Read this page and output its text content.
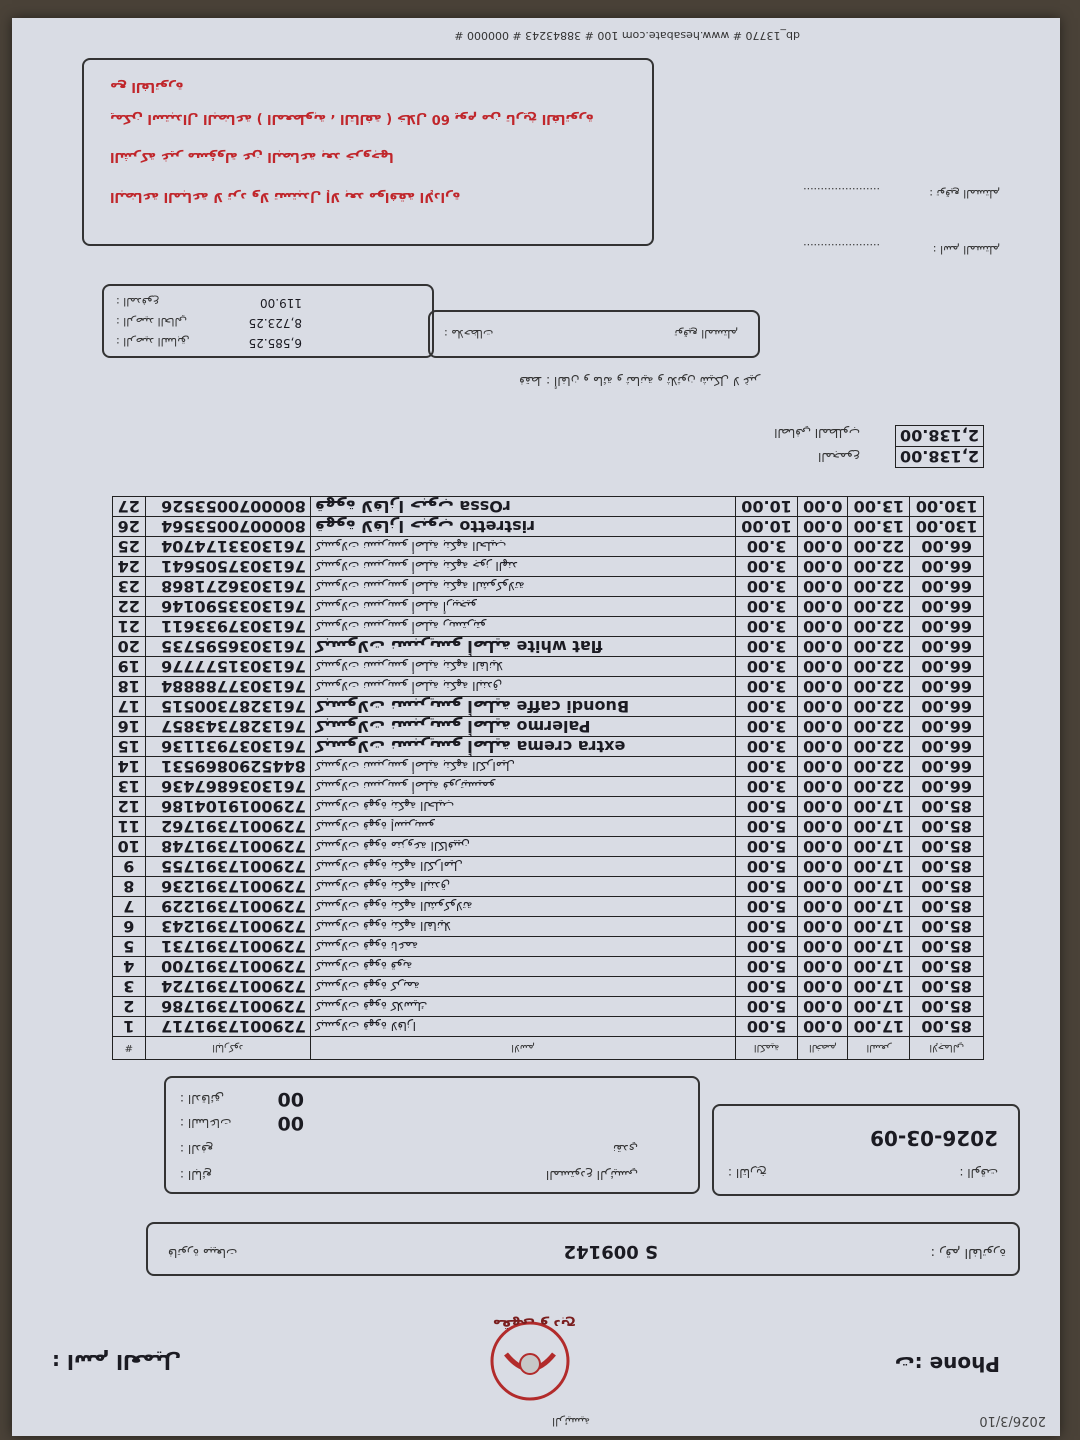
2026/3/10
الرئيسية
مقهى و دبح
اسم العميل :	Phone :ت
فاتورة مبيعات	S 009142	رقم الفاتورة :
التاريخ :	الوقت :
2026-03-09
البائع :	المستودع الرئيسي
الدفع :	نقدي
الساعات :	00
الدقائق :	00
الإجمالي	السعر	الخصم	الكمية	الاسم	الباركود	#
85.00	17.00	0.00	5.00	كبسولات قهوة لافازا	7290017391717	1
85.00	17.00	0.00	5.00	كبسولات قهوة كلاسيك	7290017391786	2
85.00	17.00	0.00	5.00	كبسولات قهوة كريمة	7290017391724	3
85.00	17.00	0.00	5.00	كبسولات قهوة قوية	7290017391700	4
85.00	17.00	0.00	5.00	كبسولات قهوة ناعمة	7290017391731	5
85.00	17.00	0.00	5.00	كبسولات قهوة بنكهة الفانيلا	7290017391243	6
85.00	17.00	0.00	5.00	كبسولات قهوة بنكهة الشوكولاتة	7290017391229	7
85.00	17.00	0.00	5.00	كبسولات قهوة بنكهة البندق	7290017391236	8
85.00	17.00	0.00	5.00	كبسولات قهوة بنكهة الكراميل	7290017391755	9
85.00	17.00	0.00	5.00	كبسولات قهوة منزوعة الكافيين	7290017391748	10
85.00	17.00	0.00	5.00	كبسولات قهوة إسبريسو	7290017391762	11
85.00	17.00	0.00	5.00	كبسولات قهوة بنكهة الحليب	7290019104186	12
66.00	22.00	0.00	3.00	كبسولات نسبريسو أصلية فورتيسيمو	7613036867436	13
66.00	22.00	0.00	3.00	كبسولات نسبريسو أصلية بنكهة الكراميل	8445290869531	14
66.00	22.00	0.00	3.00	extra crema كبسولات نسبريسو أصلية	7613037931136	15
66.00	22.00	0.00	3.00	Palermo كبسولات نسبريسو أصلية	7613287343857	16
66.00	22.00	0.00	3.00	Buondi caffe كبسولات نسبريسو أصلية	7613287300515	17
66.00	22.00	0.00	3.00	كبسولات نسبريسو أصلية بنكهة البندق	7613037788884	18
66.00	22.00	0.00	3.00	كبسولات نسبريسو أصلية بنكهة الفانيلا	7613031577776	19
66.00	22.00	0.00	3.00	flat white كبسولات نسبريسو أصلية	7613036595735	20
66.00	22.00	0.00	3.00	كبسولات نسبريسو أصلية ريستريتو	7613037933611	21
66.00	22.00	0.00	3.00	كبسولات نسبريسو أصلية أربيجيو	7613033590146	22
66.00	22.00	0.00	3.00	كبسولات نسبريسو أصلية بنكهة الشوكولاتة	7613036271868	23
66.00	22.00	0.00	3.00	كبسولات نسبريسو أصلية بنكهة جوز الهند	7613037505641	24
66.00	22.00	0.00	3.00	كبسولات نسبريسو أصلية بنكهة الحليب	7613033174704	25
130.00	13.00	0.00	10.00	ristretto قهوة لافازا حبوب	8000070053564	26
130.00	13.00	0.00	10.00	rOssa قهوة لافازا حبوب	8000070053526	27
2,138.00
2,138.00
المجموع
الصافي المطلوب
فقط : ألفان و مائة و ثمانية و ثلاثون شيكل لا غير
ملاحظات :	توقيع المستلم
الرصيد السابق :	6,585.25
الرصيد الحالي :	8,723.25
المدفوع :	119.00
اسم المستلم :
......................
توقيع المستلم :
......................
البضاعة المباعة لا ترد ولا تستبدل إلا بعد موافقة الإدارة
الشركة غير مسؤولة عن البضاعة بعد خروجها
يمكن استبدال البضاعة ( المعطوبة ، التالفة ) خلال 60 يوم من تاريخ الفاتورة
مع الفاتورة
db_13770 # www.hesabate.com 100 # 38843243 # 000000 #
